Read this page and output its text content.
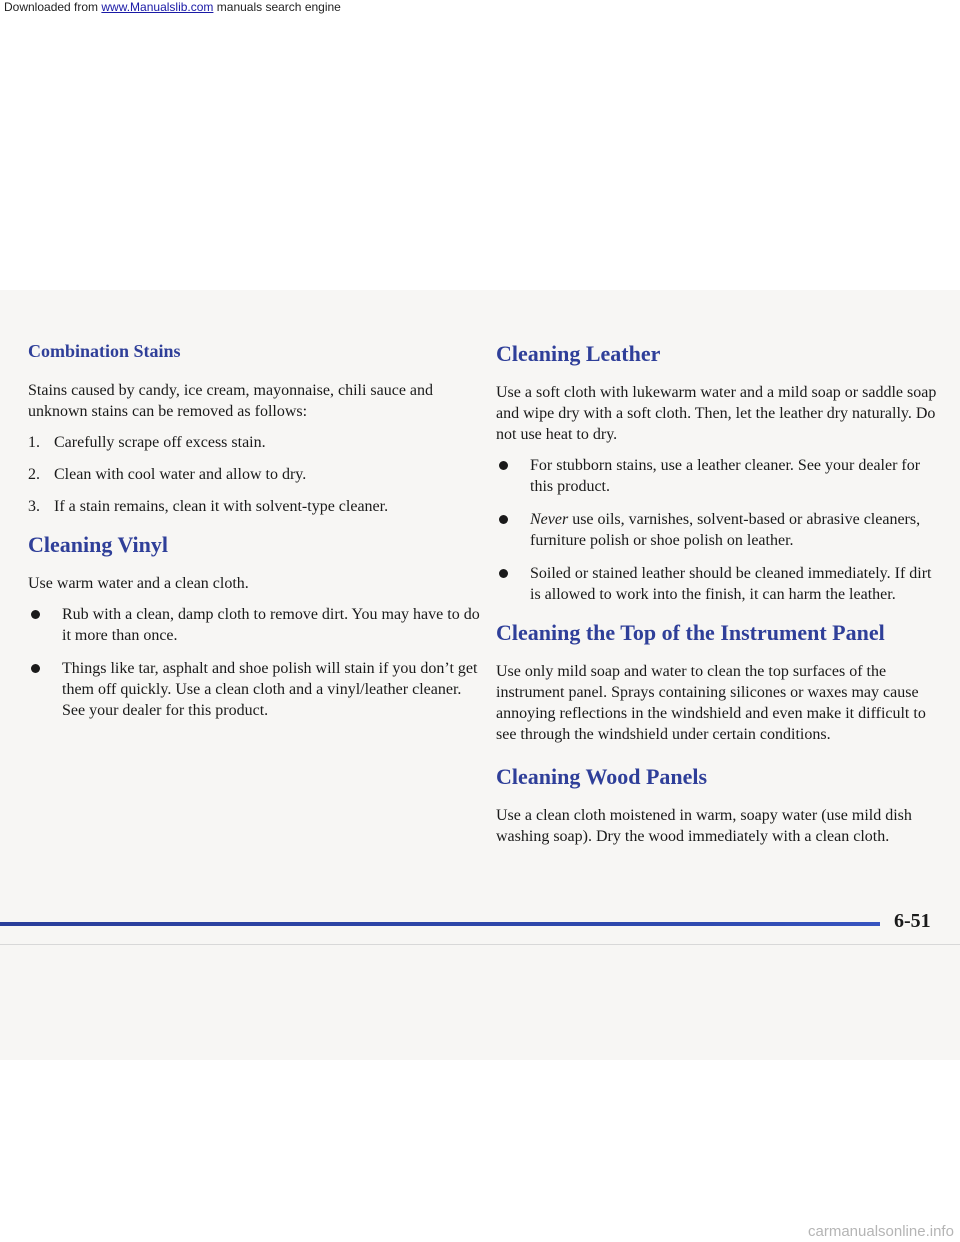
Downloaded from www.Manualslib.com manuals search engine
Combination Stains

Stains caused by candy, ice cream, mayonnaise, chili sauce and unknown stains can be removed as follows:

1. Carefully scrape off excess stain.
2. Clean with cool water and allow to dry.
3. If a stain remains, clean it with solvent-type cleaner.
Cleaning Vinyl

Use warm water and a clean cloth.

Rub with a clean, damp cloth to remove dirt. You may have to do it more than once.
Things like tar, asphalt and shoe polish will stain if you don’t get them off quickly. Use a clean cloth and a vinyl/leather cleaner. See your dealer for this product.
Cleaning Leather

Use a soft cloth with lukewarm water and a mild soap or saddle soap and wipe dry with a soft cloth. Then, let the leather dry naturally. Do not use heat to dry.

For stubborn stains, use a leather cleaner. See your dealer for this product.
Never use oils, varnishes, solvent-based or abrasive cleaners, furniture polish or shoe polish on leather.
Soiled or stained leather should be cleaned immediately. If dirt is allowed to work into the finish, it can harm the leather.
Cleaning the Top of the Instrument Panel

Use only mild soap and water to clean the top surfaces of the instrument panel. Sprays containing silicones or waxes may cause annoying reflections in the windshield and even make it difficult to see through the windshield under certain conditions.

Cleaning Wood Panels

Use a clean cloth moistened in warm, soapy water (use mild dish washing soap). Dry the wood immediately with a clean cloth.

6-51
carmanualsonline.info
